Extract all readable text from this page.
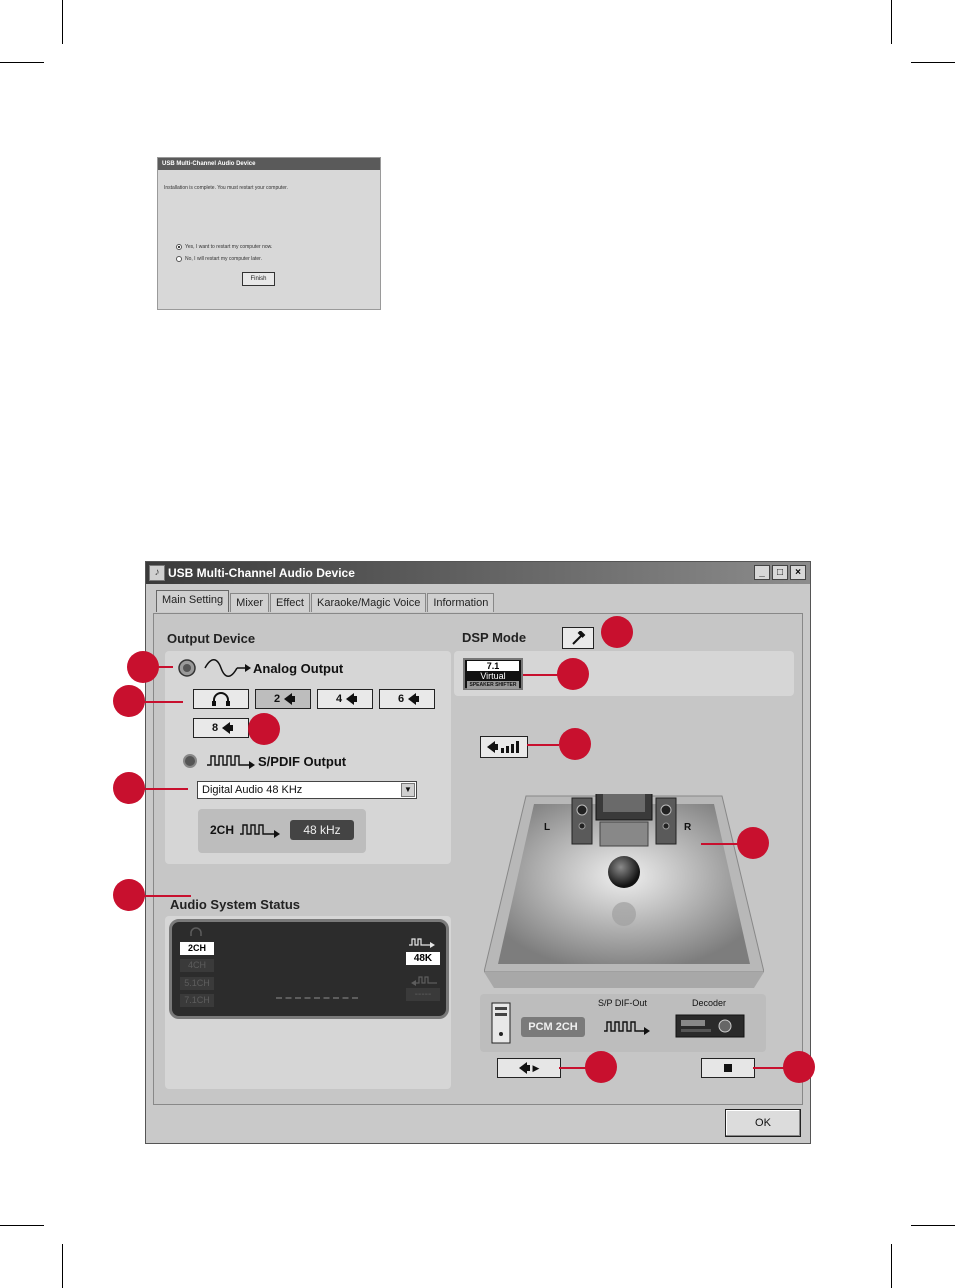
USB Multi-Channel Audio Device
Installation is complete. You must restart your computer.
Yes, I want to restart my computer now.
No, I will restart my computer later.
Finish
♪ USB Multi-Channel Audio Device	_	□	×
Main Setting	Mixer	Effect	Karaoke/Magic Voice	Information
Output Device
Analog Output
2	4	6
8
S/PDIF Output
Digital Audio 48 KHz	▼
2CH	48 kHz
Audio System Status
2CH
4CH
5.1CH
7.1CH
48K
-----
DSP Mode
7.1
Virtual
SPEAKER SHIFTER
L	R
PCM 2CH
S/P DIF-Out	Decoder
▶
OK
